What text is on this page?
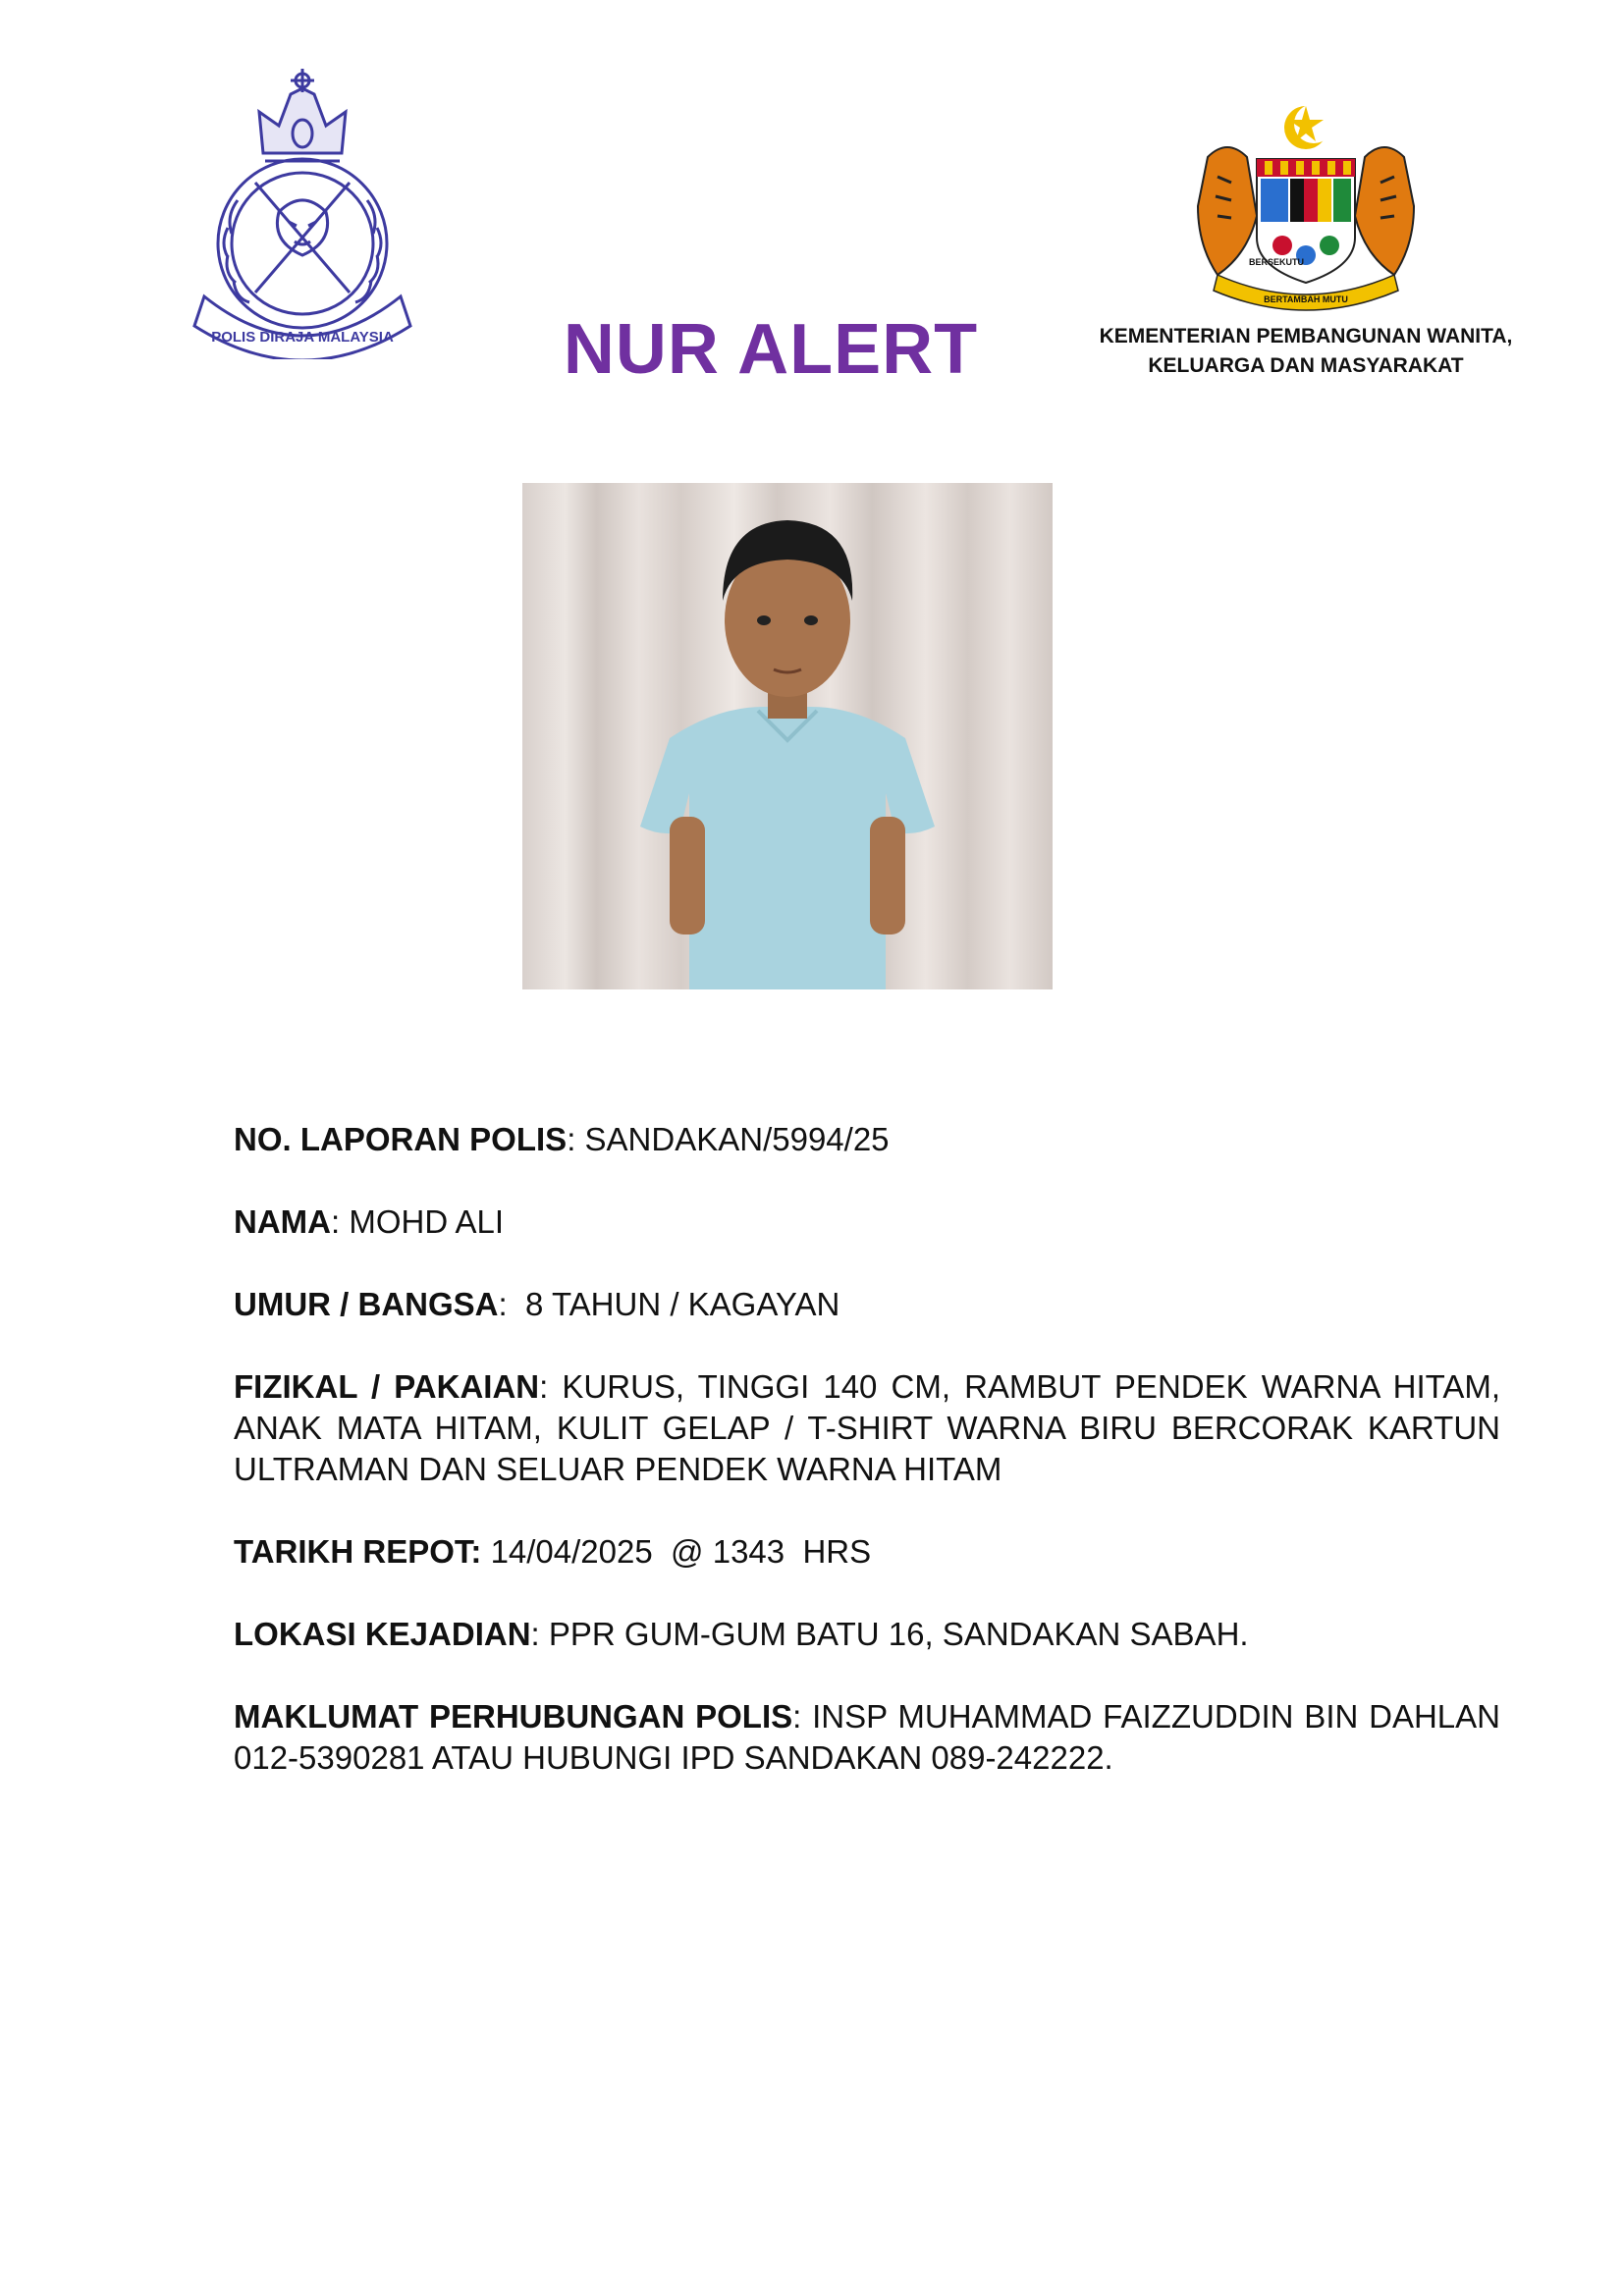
POLIS DIRAJA MALAYSIA
BERSEKUTU
BERTAMBAH MUTU
KEMENTERIAN PEMBANGUNAN WANITA,
KELUARGA DAN MASYARAKAT
NUR ALERT
NO. LAPORAN POLIS: SANDAKAN/5994/25
NAMA: MOHD ALI
UMUR / BANGSA:  8 TAHUN / KAGAYAN
FIZIKAL / PAKAIAN: KURUS, TINGGI 140 CM, RAMBUT PENDEK WARNA HITAM, ANAK MATA HITAM, KULIT GELAP / T-SHIRT WARNA BIRU BERCORAK KARTUN ULTRAMAN DAN SELUAR PENDEK WARNA HITAM
TARIKH REPOT: 14/04/2025  @ 1343  HRS
LOKASI KEJADIAN: PPR GUM-GUM BATU 16, SANDAKAN SABAH.
MAKLUMAT PERHUBUNGAN POLIS: INSP MUHAMMAD FAIZZUDDIN BIN DAHLAN 012-5390281 ATAU HUBUNGI IPD SANDAKAN 089-242222.
